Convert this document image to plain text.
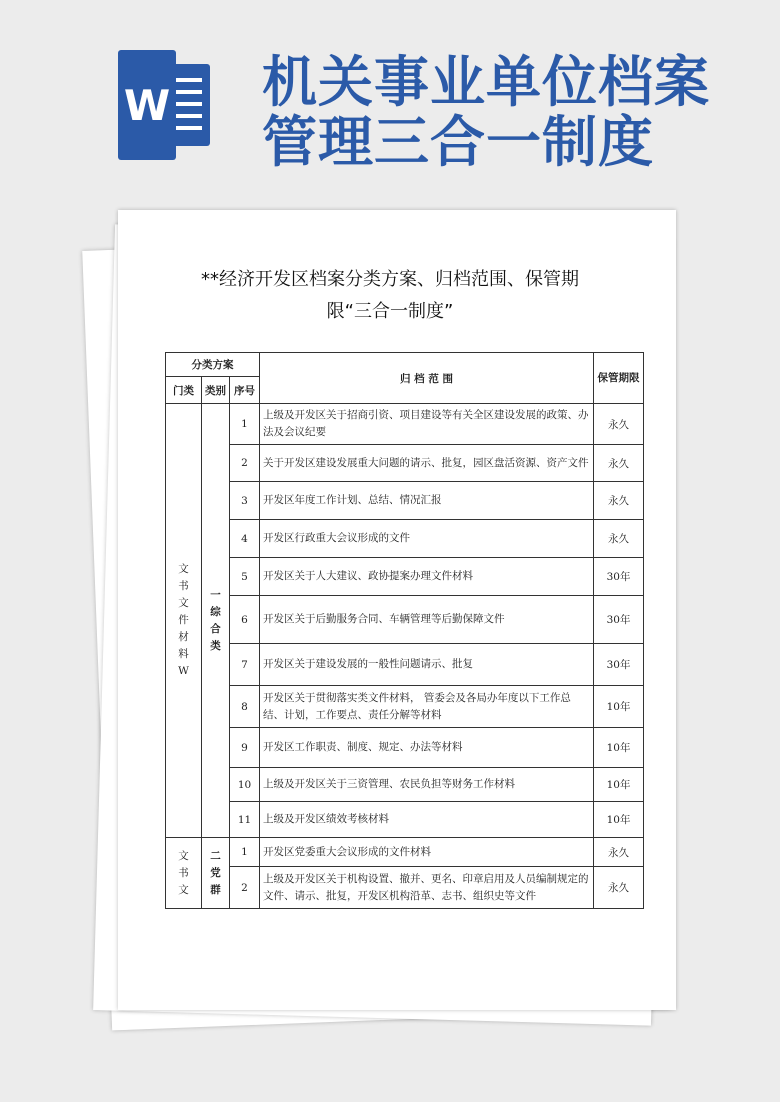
W 机关事业单位档案
管理三合一制度
**经济开发区档案分类方案、归档范围、保管期
限“三合一制度”
分类方案			归 档 范 围	保管期限
门类	类别	序号		

文书文件材料W	一综合类	1	上级及开发区关于招商引资、项目建设等有关全区建设发展的政策、办法及会议纪要	永久
		2	关于开发区建设发展重大问题的请示、批复，园区盘活资源、资产文件	永久
		3	开发区年度工作计划、总结、情况汇报	永久
		4	开发区行政重大会议形成的文件	永久
		5	开发区关于人大建议、政协提案办理文件材料	30年
		6	开发区关于后勤服务合同、车辆管理等后勤保障文件	30年
		7	开发区关于建设发展的一般性问题请示、批复	30年
		8	开发区关于贯彻落实类文件材料， 管委会及各局办年度以下工作总结、计划，工作要点、责任分解等材料	10年
		9	开发区工作职责、制度、规定、办法等材料	10年
		10	上级及开发区关于三资管理、农民负担等财务工作材料	10年
		11	上级及开发区绩效考核材料	10年

文书文	二党群	1	开发区党委重大会议形成的文件材料	永久
		2	上级及开发区关于机构设置、撤并、更名、印章启用及人员编制规定的文件、请示、批复，开发区机构沿革、志书、组织史等文件	永久
